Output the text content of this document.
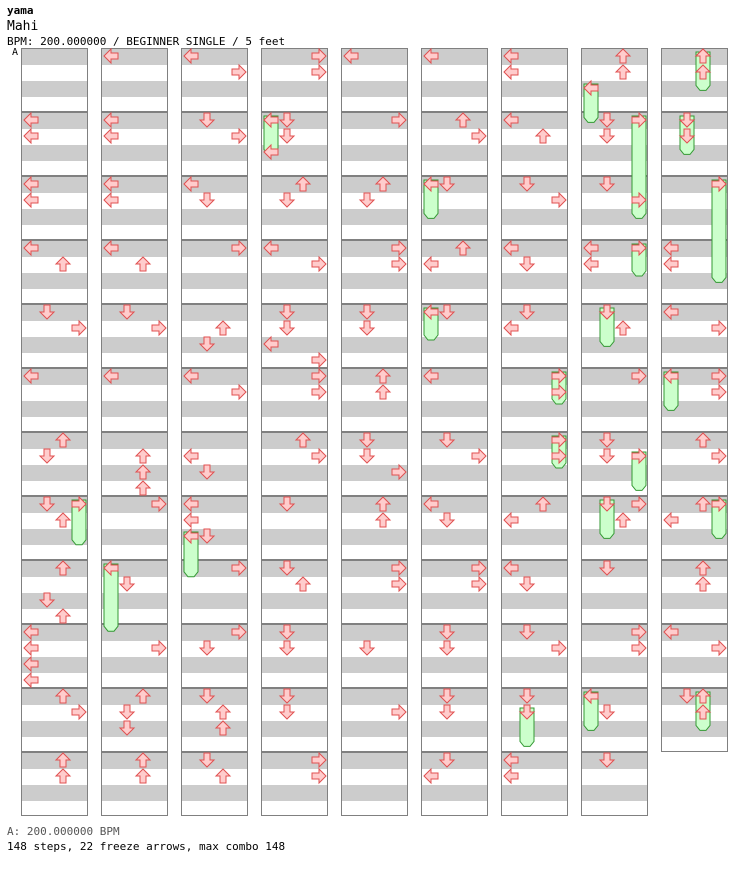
yama
Mahi
BPM: 200.000000 / BEGINNER SINGLE / 5 feet
A
A: 200.000000 BPM
148 steps, 22 freeze arrows, max combo 148
